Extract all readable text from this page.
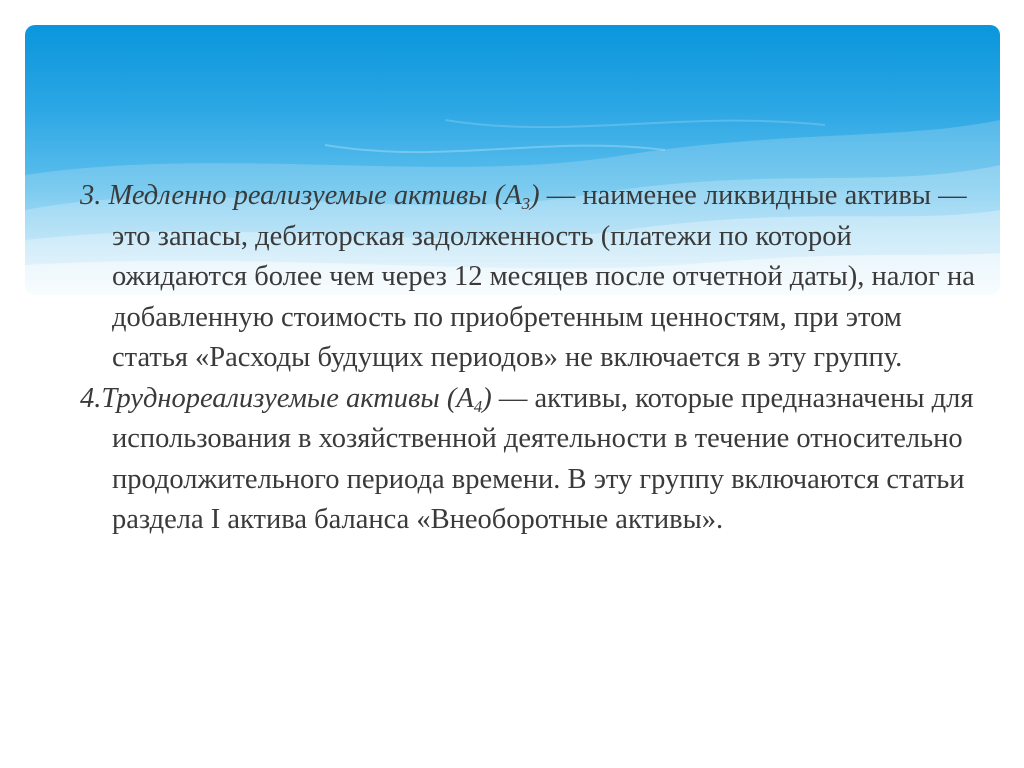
3. Медленно реализуемые активы $(А_3)$ — наименее ликвидные активы — это запасы, дебиторская задолженность (платежи по которой ожидаются более чем через 12 месяцев после отчетной даты), налог на добавленную стоимость по приобретенным ценностям, при этом статья «Расходы будущих периодов» не включается в эту группу.

4.Труднореализуемые активы $(А_4)$ — активы, которые предназначены для использования в хозяйственной деятельности в течение относительно продолжительного периода времени. В эту группу включаются статьи раздела I актива баланса «Внеоборотные активы».
